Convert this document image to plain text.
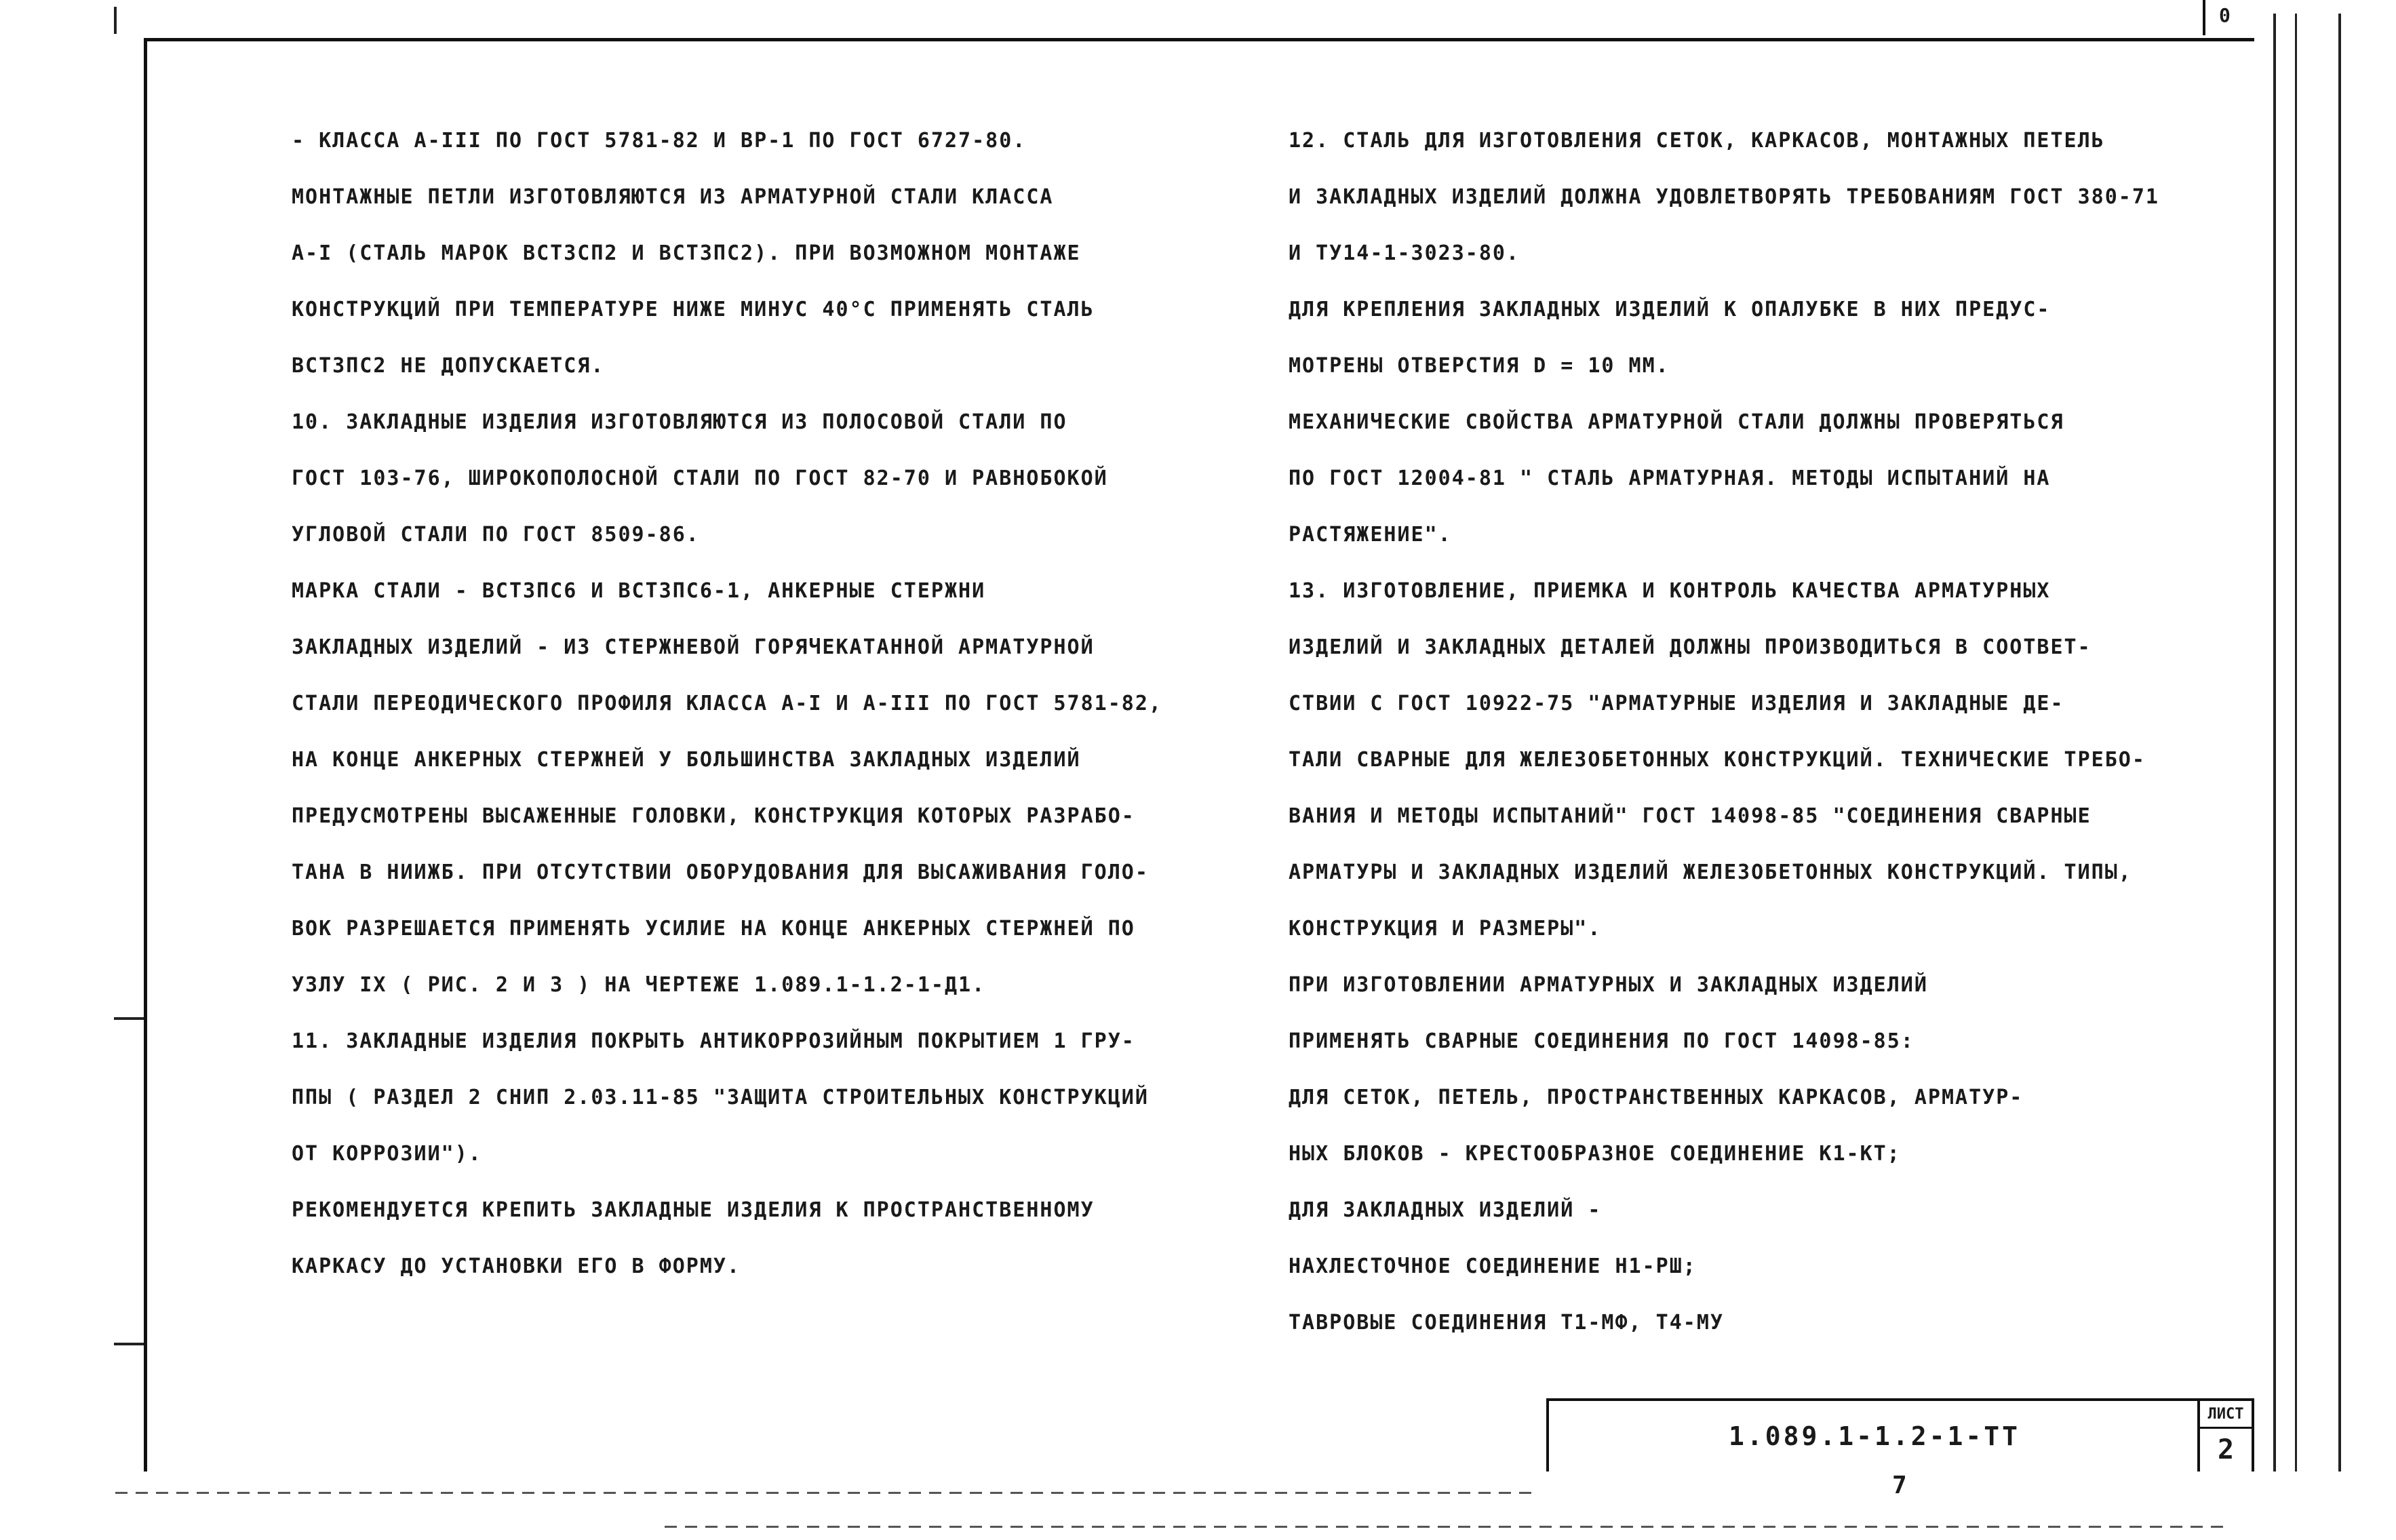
0
- КЛАССА А-III ПО ГОСТ 5781-82 И ВР-1 ПО ГОСТ 6727-80.
МОНТАЖНЫЕ ПЕТЛИ ИЗГОТОВЛЯЮТСЯ ИЗ АРМАТУРНОЙ СТАЛИ КЛАССА
А-I (СТАЛЬ МАРОК ВСТ3СП2 И ВСТ3ПС2). ПРИ ВОЗМОЖНОМ МОНТАЖЕ
КОНСТРУКЦИЙ ПРИ ТЕМПЕРАТУРЕ НИЖЕ МИНУС 40°С ПРИМЕНЯТЬ СТАЛЬ
ВСТ3ПС2 НЕ ДОПУСКАЕТСЯ.
10. ЗАКЛАДНЫЕ ИЗДЕЛИЯ ИЗГОТОВЛЯЮТСЯ ИЗ ПОЛОСОВОЙ СТАЛИ ПО
ГОСТ 103-76, ШИРОКОПОЛОСНОЙ СТАЛИ ПО ГОСТ 82-70 И РАВНОБОКОЙ
УГЛОВОЙ СТАЛИ ПО ГОСТ 8509-86.
МАРКА СТАЛИ - ВСТ3ПС6 И ВСТ3ПС6-1, АНКЕРНЫЕ СТЕРЖНИ
ЗАКЛАДНЫХ ИЗДЕЛИЙ - ИЗ СТЕРЖНЕВОЙ ГОРЯЧЕКАТАННОЙ АРМАТУРНОЙ
СТАЛИ ПЕРЕОДИЧЕСКОГО ПРОФИЛЯ КЛАССА А-I И А-III ПО ГОСТ 5781-82,
НА КОНЦЕ АНКЕРНЫХ СТЕРЖНЕЙ У БОЛЬШИНСТВА ЗАКЛАДНЫХ ИЗДЕЛИЙ
ПРЕДУСМОТРЕНЫ ВЫСАЖЕННЫЕ ГОЛОВКИ, КОНСТРУКЦИЯ КОТОРЫХ РАЗРАБО-
ТАНА В НИИЖБ. ПРИ ОТСУТСТВИИ ОБОРУДОВАНИЯ ДЛЯ ВЫСАЖИВАНИЯ ГОЛО-
ВОК РАЗРЕШАЕТСЯ ПРИМЕНЯТЬ УСИЛИЕ НА КОНЦЕ АНКЕРНЫХ СТЕРЖНЕЙ ПО
УЗЛУ IX ( РИС. 2 И 3 ) НА ЧЕРТЕЖЕ 1.089.1-1.2-1-Д1.
11. ЗАКЛАДНЫЕ ИЗДЕЛИЯ ПОКРЫТЬ АНТИКОРРОЗИЙНЫМ ПОКРЫТИЕМ 1 ГРУ-
ППЫ ( РАЗДЕЛ 2 СНИП 2.03.11-85 "ЗАЩИТА СТРОИТЕЛЬНЫХ КОНСТРУКЦИЙ
ОТ КОРРОЗИИ").
РЕКОМЕНДУЕТСЯ КРЕПИТЬ ЗАКЛАДНЫЕ ИЗДЕЛИЯ К ПРОСТРАНСТВЕННОМУ
КАРКАСУ ДО УСТАНОВКИ ЕГО В ФОРМУ.
12. СТАЛЬ ДЛЯ ИЗГОТОВЛЕНИЯ СЕТОК, КАРКАСОВ, МОНТАЖНЫХ ПЕТЕЛЬ
И ЗАКЛАДНЫХ ИЗДЕЛИЙ ДОЛЖНА УДОВЛЕТВОРЯТЬ ТРЕБОВАНИЯМ ГОСТ 380-71
И ТУ14-1-3023-80.
ДЛЯ КРЕПЛЕНИЯ ЗАКЛАДНЫХ ИЗДЕЛИЙ К ОПАЛУБКЕ В НИХ ПРЕДУС-
МОТРЕНЫ ОТВЕРСТИЯ D = 10 ММ.
МЕХАНИЧЕСКИЕ СВОЙСТВА АРМАТУРНОЙ СТАЛИ ДОЛЖНЫ ПРОВЕРЯТЬСЯ
ПО ГОСТ 12004-81 " СТАЛЬ АРМАТУРНАЯ. МЕТОДЫ ИСПЫТАНИЙ НА
РАСТЯЖЕНИЕ".
13. ИЗГОТОВЛЕНИЕ, ПРИЕМКА И КОНТРОЛЬ КАЧЕСТВА АРМАТУРНЫХ
ИЗДЕЛИЙ И ЗАКЛАДНЫХ ДЕТАЛЕЙ ДОЛЖНЫ ПРОИЗВОДИТЬСЯ В СООТВЕТ-
СТВИИ С ГОСТ 10922-75 "АРМАТУРНЫЕ ИЗДЕЛИЯ И ЗАКЛАДНЫЕ ДЕ-
ТАЛИ СВАРНЫЕ ДЛЯ ЖЕЛЕЗОБЕТОННЫХ КОНСТРУКЦИЙ. ТЕХНИЧЕСКИЕ ТРЕБО-
ВАНИЯ И МЕТОДЫ ИСПЫТАНИЙ" ГОСТ 14098-85 "СОЕДИНЕНИЯ СВАРНЫЕ
АРМАТУРЫ И ЗАКЛАДНЫХ ИЗДЕЛИЙ ЖЕЛЕЗОБЕТОННЫХ КОНСТРУКЦИЙ. ТИПЫ,
КОНСТРУКЦИЯ И РАЗМЕРЫ".
ПРИ ИЗГОТОВЛЕНИИ АРМАТУРНЫХ И ЗАКЛАДНЫХ ИЗДЕЛИЙ
ПРИМЕНЯТЬ СВАРНЫЕ СОЕДИНЕНИЯ ПО ГОСТ 14098-85:
ДЛЯ СЕТОК, ПЕТЕЛЬ, ПРОСТРАНСТВЕННЫХ КАРКАСОВ, АРМАТУР-
НЫХ БЛОКОВ - КРЕСТООБРАЗНОЕ СОЕДИНЕНИЕ К1-КТ;
ДЛЯ ЗАКЛАДНЫХ ИЗДЕЛИЙ -
НАХЛЕСТОЧНОЕ СОЕДИНЕНИЕ Н1-РШ;
ТАВРОВЫЕ СОЕДИНЕНИЯ Т1-МФ, Т4-МУ
1.089.1-1.2-1-ТТ
ЛИСТ
2
7
